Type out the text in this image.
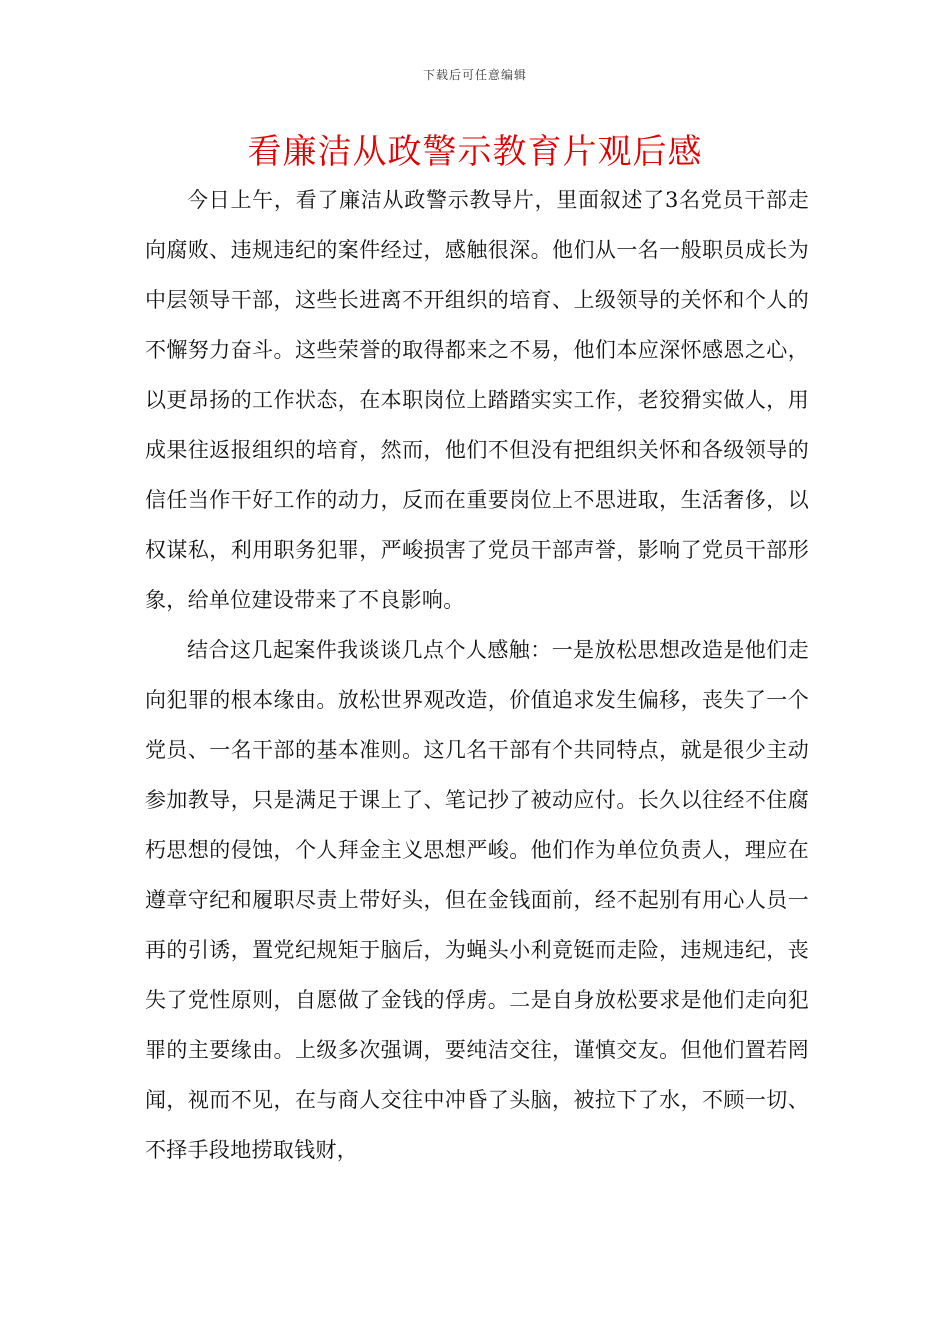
下载后可任意编辑
看廉洁从政警示教育片观后感

今日上午，看了廉洁从政警示教导片，里面叙述了3名党员干部走向腐败、违规违纪的案件经过，感触很深。他们从一名一般职员成长为中层领导干部，这些长进离不开组织的培育、上级领导的关怀和个人的不懈努力奋斗。这些荣誉的取得都来之不易，他们本应深怀感恩之心，以更昂扬的工作状态，在本职岗位上踏踏实实工作，老狡猾实做人，用成果往返报组织的培育，然而，他们不但没有把组织关怀和各级领导的信任当作干好工作的动力，反而在重要岗位上不思进取，生活奢侈，以权谋私，利用职务犯罪，严峻损害了党员干部声誉，影响了党员干部形象，给单位建设带来了不良影响。

结合这几起案件我谈谈几点个人感触：一是放松思想改造是他们走向犯罪的根本缘由。放松世界观改造，价值追求发生偏移，丧失了一个党员、一名干部的基本准则。这几名干部有个共同特点，就是很少主动参加教导，只是满足于课上了、笔记抄了被动应付。长久以往经不住腐朽思想的侵蚀，个人拜金主义思想严峻。他们作为单位负责人，理应在遵章守纪和履职尽责上带好头，但在金钱面前，经不起别有用心人员一再的引诱，置党纪规矩于脑后，为蝇头小利竟铤而走险，违规违纪，丧失了党性原则，自愿做了金钱的俘虏。二是自身放松要求是他们走向犯罪的主要缘由。上级多次强调，要纯洁交往，谨慎交友。但他们置若罔闻，视而不见，在与商人交往中冲昏了头脑，被拉下了水，不顾一切、不择手段地捞取钱财，
